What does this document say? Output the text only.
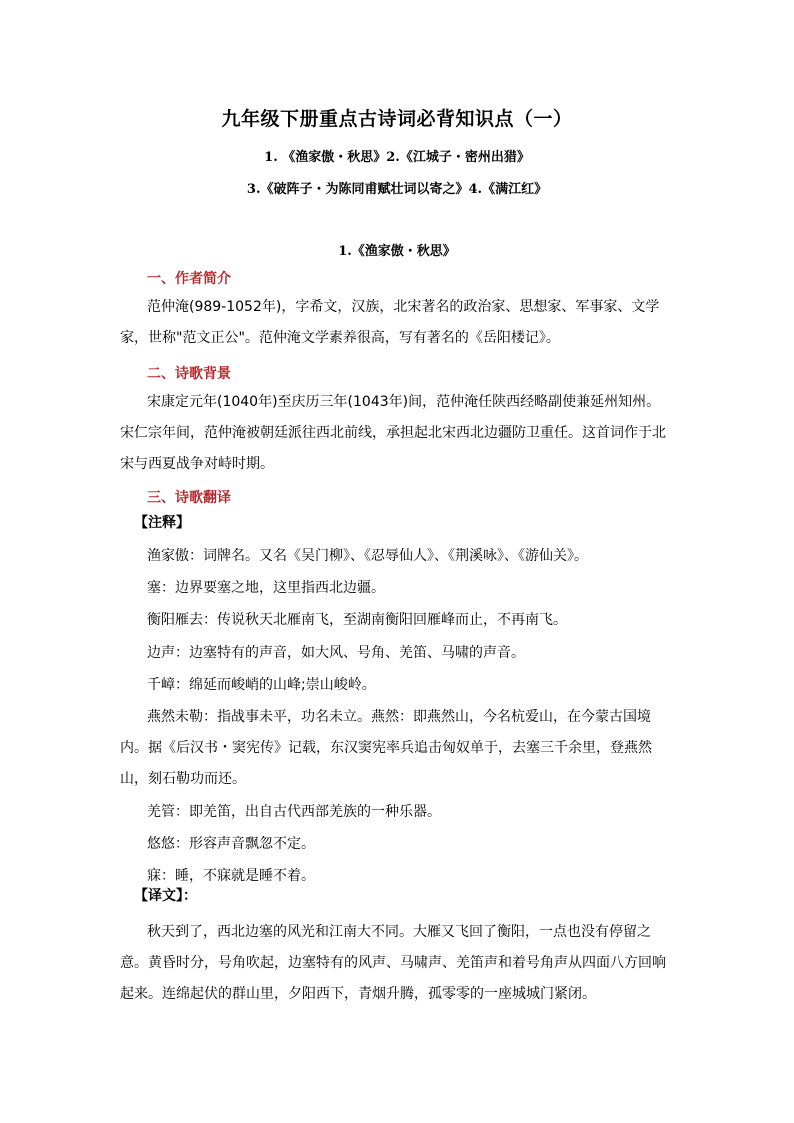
九年级下册重点古诗词必背知识点（一）
1. 《渔家傲・秋思》2.《江城子・密州出猎》
3.《破阵子・为陈同甫赋壮词以寄之》4.《满江红》
1.《渔家傲・秋思》
一、作者简介

范仲淹(989-1052年)，字希文，汉族，北宋著名的政治家、思想家、军事家、文学家，世称"范文正公"。范仲淹文学素养很高，写有著名的《岳阳楼记》。

二、诗歌背景

宋康定元年(1040年)至庆历三年(1043年)间，范仲淹任陕西经略副使兼延州知州。宋仁宗年间，范仲淹被朝廷派往西北前线，承担起北宋西北边疆防卫重任。这首词作于北宋与西夏战争对峙时期。

三、诗歌翻译
【注释】

渔家傲：词牌名。又名《吴门柳》、《忍辱仙人》、《荆溪咏》、《游仙关》。

塞：边界要塞之地，这里指西北边疆。

衡阳雁去：传说秋天北雁南飞，至湖南衡阳回雁峰而止，不再南飞。

边声：边塞特有的声音，如大风、号角、羌笛、马啸的声音。

千嶂：绵延而峻峭的山峰;崇山峻岭。

燕然未勒：指战事未平，功名未立。燕然：即燕然山，今名杭爱山，在今蒙古国境内。据《后汉书・窦宪传》记载，东汉窦宪率兵追击匈奴单于，去塞三千余里，登燕然山，刻石勒功而还。

羌管：即羌笛，出自古代西部羌族的一种乐器。

悠悠：形容声音飘忽不定。

寐：睡，不寐就是睡不着。

【译文】：

秋天到了，西北边塞的风光和江南大不同。大雁又飞回了衡阳，一点也没有停留之意。黄昏时分，号角吹起，边塞特有的风声、马啸声、羌笛声和着号角声从四面八方回响起来。连绵起伏的群山里，夕阳西下，青烟升腾，孤零零的一座城城门紧闭。
